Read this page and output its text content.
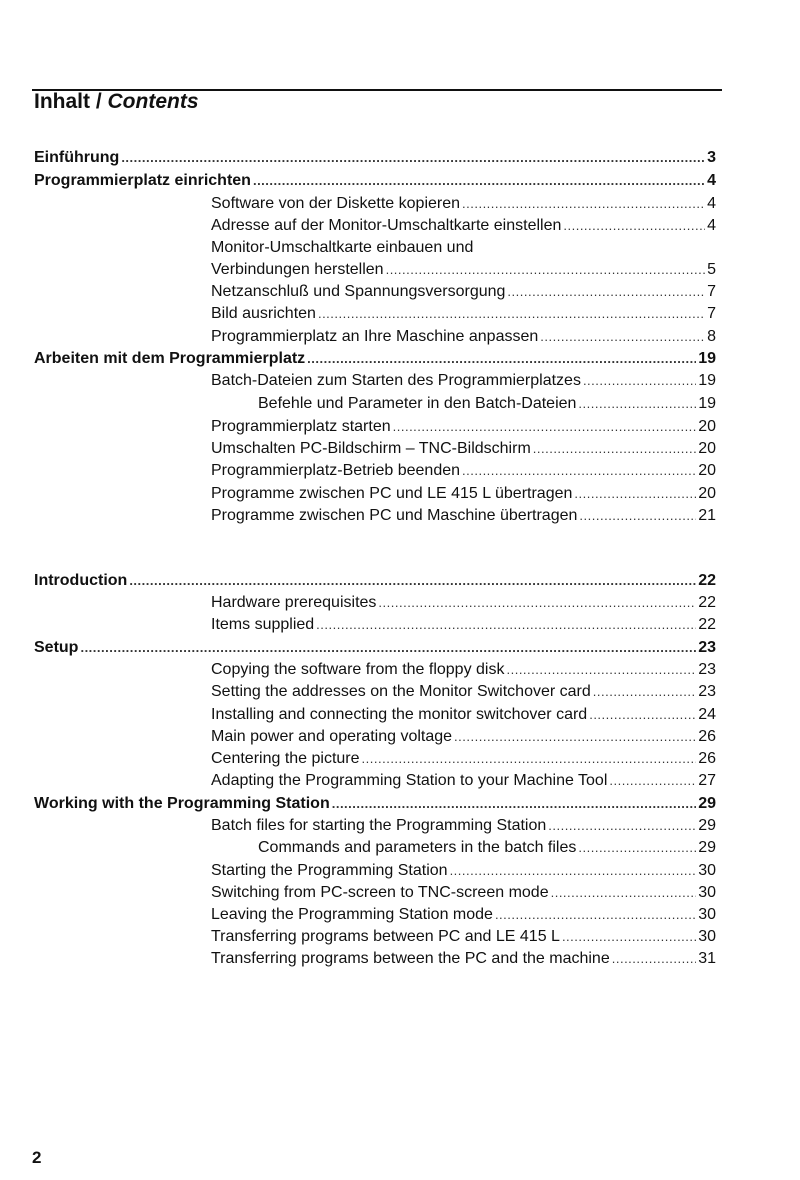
Inhalt / Contents
Einführung .....	3
Programmierplatz einrichten .....	4
Software von der Diskette kopieren .....	4
Adresse auf der Monitor-Umschaltkarte einstellen .....	4
Monitor-Umschaltkarte einbauen und
Verbindungen herstellen .....	5
Netzanschluß und Spannungsversorgung .....	7
Bild ausrichten .....	7
Programmierplatz an Ihre Maschine anpassen .....	8
Arbeiten mit dem Programmierplatz .....	19
Batch-Dateien zum Starten des Programmierplatzes .....	19
Befehle und Parameter in den Batch-Dateien .....	19
Programmierplatz starten .....	20
Umschalten PC-Bildschirm – TNC-Bildschirm .....	20
Programmierplatz-Betrieb beenden .....	20
Programme zwischen PC und LE 415 L übertragen .....	20
Programme zwischen PC und Maschine übertragen .....	21
Introduction .....	22
Hardware prerequisites .....	22
Items supplied .....	22
Setup .....	23
Copying the software from the floppy disk .....	23
Setting the addresses on the Monitor Switchover card .....	23
Installing and connecting the monitor switchover card .....	24
Main power and operating voltage .....	26
Centering the picture .....	26
Adapting the Programming Station to your Machine Tool .....	27
Working with the Programming Station .....	29
Batch files for starting the Programming Station .....	29
Commands and parameters in the batch files .....	29
Starting the Programming Station .....	30
Switching from PC-screen to TNC-screen mode .....	30
Leaving the Programming Station mode .....	30
Transferring programs between PC and LE 415 L .....	30
Transferring programs between the PC and the machine .....	31
2
